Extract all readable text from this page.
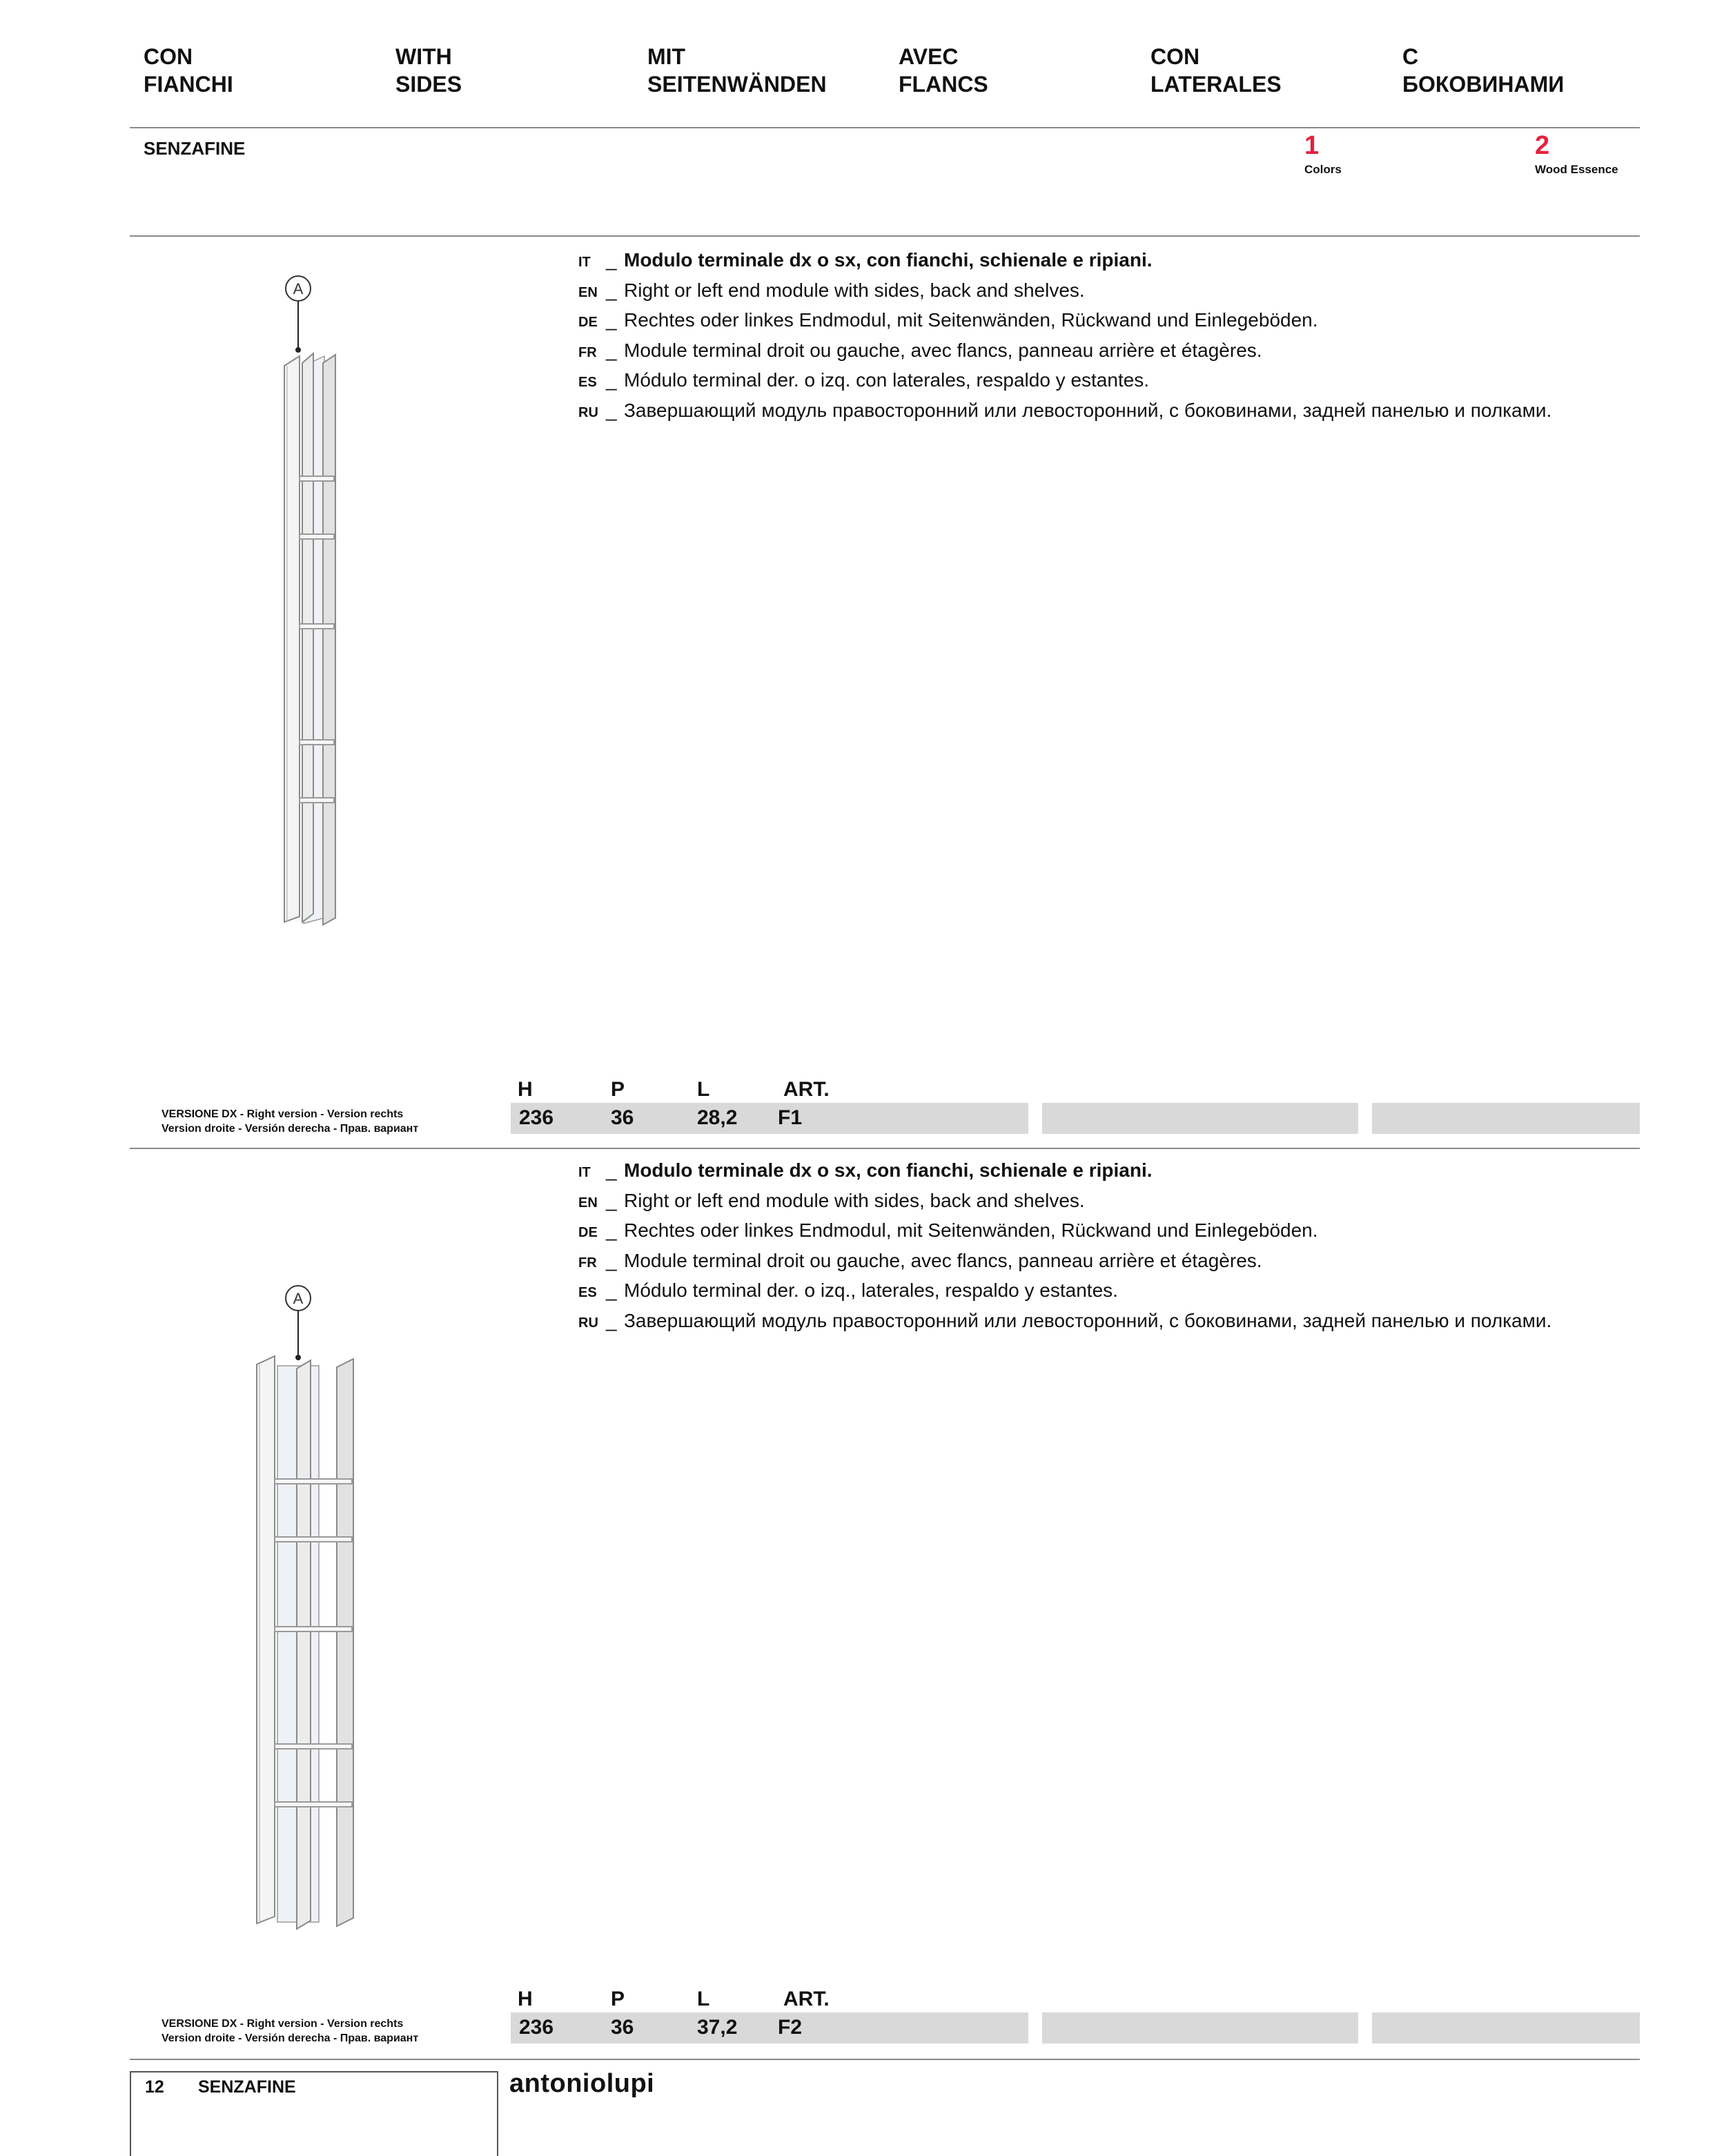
CON
FIANCHI
WITH
SIDES
MIT
SEITENWÄNDEN
AVEC
FLANCS
CON
LATERALES
С
БОКОВИНАМИ
SENZAFINE	1
Colors
2
Wood Essence
IT _ Modulo terminale dx o sx, con fianchi, schienale e ripiani.
EN _ Right or left end module with sides, back and shelves.
DE _ Rechtes oder linkes Endmodul, mit Seitenwänden, Rückwand und Einlegeböden.
FR _ Module terminal droit ou gauche, avec flancs, panneau arrière et étagères.
ES _ Módulo terminal der. o izq. con laterales, respaldo y estantes.
RU _ Завершающий модуль правосторонний или левосторонний, с боковинами, задней панелью и полками.
A
H	P	L	ART.
VERSIONE DX - Right version - Version rechts
Version droite - Versión derecha - Прав. вариант	236	36	28,2 F1
IT _ Modulo terminale dx o sx, con fianchi, schienale e ripiani.
EN _ Right or left end module with sides, back and shelves.
DE _ Rechtes oder linkes Endmodul, mit Seitenwänden, Rückwand und Einlegeböden.
FR _ Module terminal droit ou gauche, avec flancs, panneau arrière et étagères.
ES _ Módulo terminal der. o izq., laterales, respaldo y estantes.
RU _ Завершающий модуль правосторонний или левосторонний, с боковинами, задней панелью и полками.
A
H	P	L	ART.
VERSIONE DX - Right version - Version rechts
Version droite - Versión derecha - Прав. вариант	236	36	37,2 F2
12 SENZAFINE	antoniolupi
